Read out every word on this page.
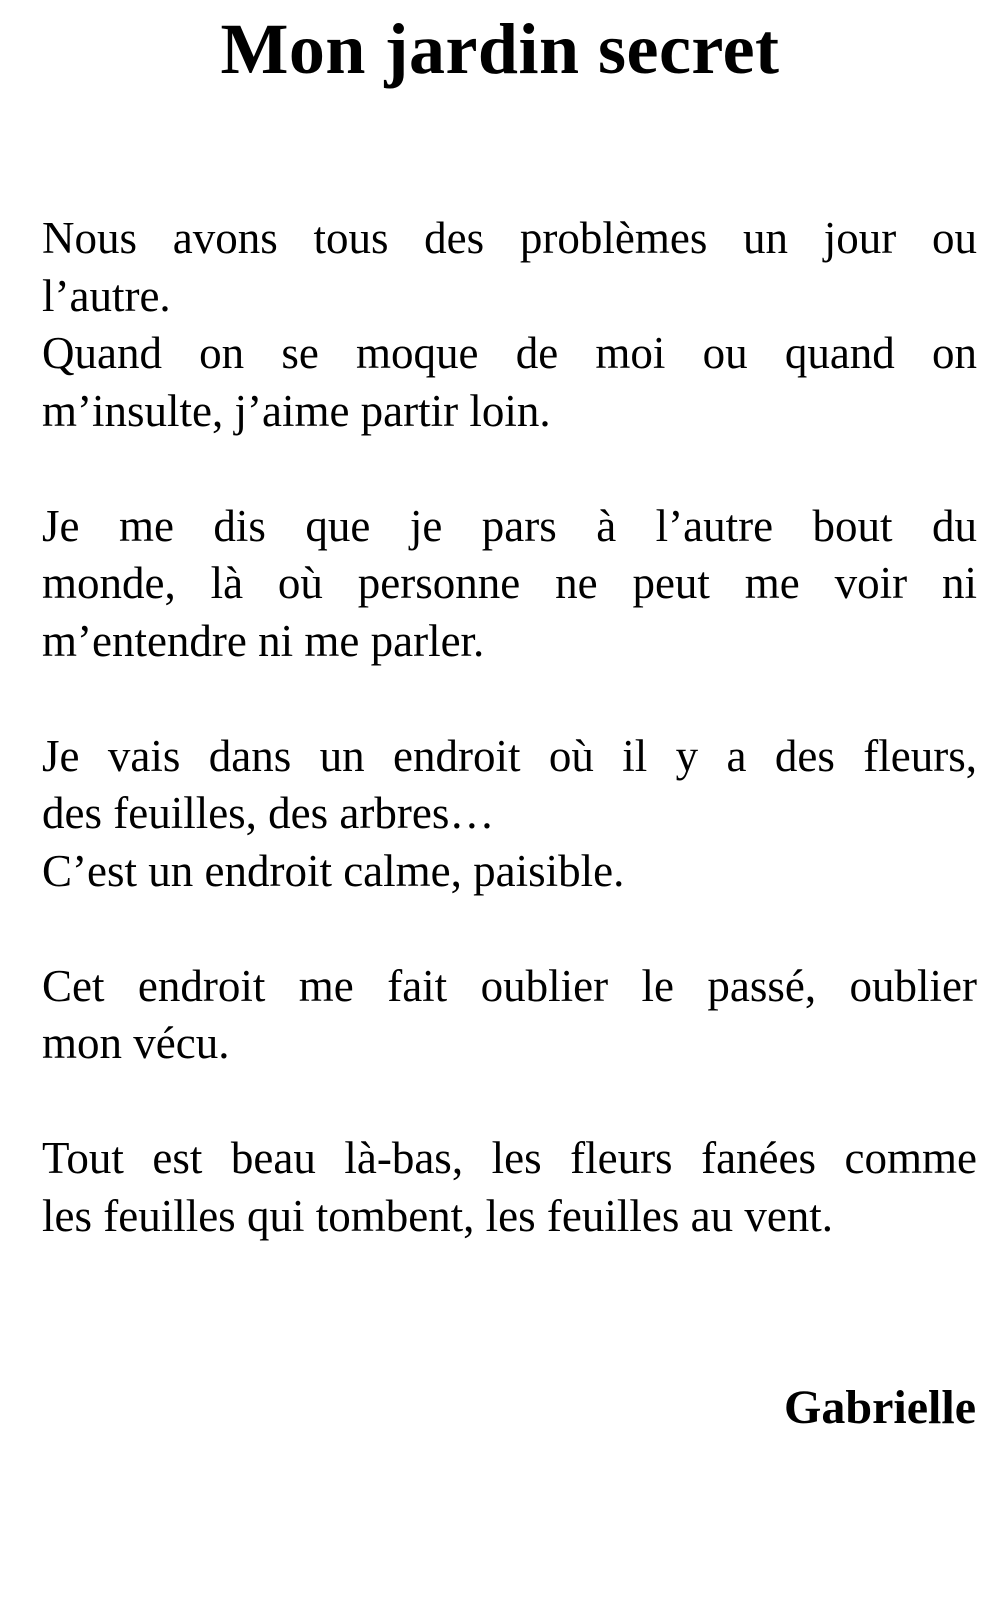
Mon jardin secret
Nous avons tous des problèmes un jour ou
l’autre.
Quand on se moque de moi ou quand on
m’insulte, j’aime partir loin.
Je me dis que je pars à l’autre bout du
monde, là où personne ne peut me voir ni
m’entendre ni me parler.
Je vais dans un endroit où il y a des fleurs,
des feuilles, des arbres…
C’est un endroit calme, paisible.
Cet endroit me fait oublier le passé, oublier
mon vécu.
Tout est beau là-bas, les fleurs fanées comme
les feuilles qui tombent, les feuilles au vent.

Gabrielle
